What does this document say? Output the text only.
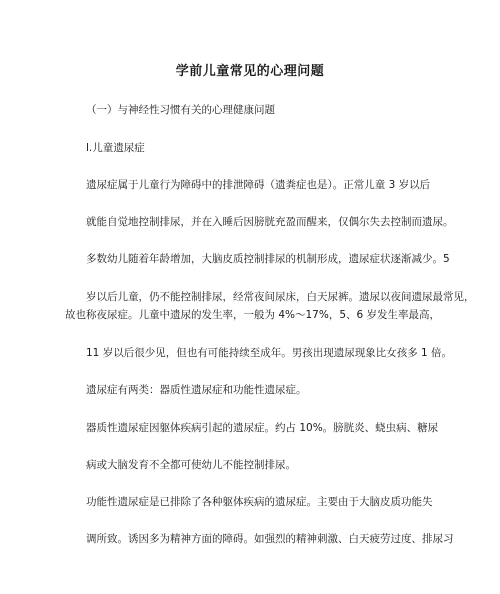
学前儿童常见的心理问题
（一）与神经性习惯有关的心理健康问题
l.儿童遗尿症
遗尿症属于儿童行为障碍中的排泄障碍（遗粪症也是）。正常儿童 3 岁以后
就能自觉地控制排尿，并在入睡后因膀胱充盈而醒来，仅偶尔失去控制而遗尿。
多数幼儿随着年龄增加，大脑皮质控制排尿的机制形成，遗尿症状逐渐减少。5
岁以后儿童，仍不能控制排尿，经常夜间尿床，白天尿裤。遗尿以夜间遗尿最常见，
故也称夜尿症。儿童中遗尿的发生率，一般为 4%～17%，5、6 岁发生率最高，
11 岁以后很少见，但也有可能持续至成年。男孩出现遗尿现象比女孩多 1 倍。
遗尿症有两类：器质性遗尿症和功能性遗尿症。
器质性遗尿症因躯体疾病引起的遗尿症。约占 10%。膀胱炎、蛲虫病、糖尿
病或大脑发育不全都可使幼儿不能控制排尿。
功能性遗尿症是已排除了各种躯体疾病的遗尿症。主要由于大脑皮质功能失
调所致。诱因多为精神方面的障碍。如强烈的精神刺激、白天疲劳过度、排尿习
